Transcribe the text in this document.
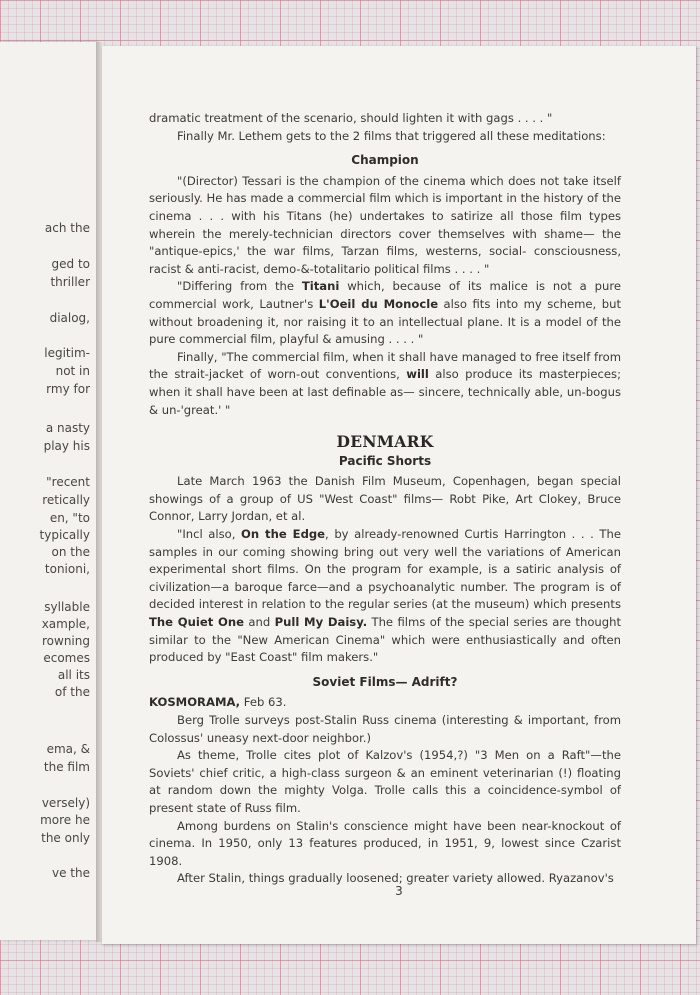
ach the
ged to
thriller
dialog,
legitim-
not in
rmy for
a nasty
play his
"recent
retically
en, "to
typically
on the
tonioni,
syllable
xample,
rowning
ecomes
all its
of the
ema, &
the film
versely)
more he
the only
ve the

dramatic treatment of the scenario, should lighten it with gags . . . . "

Finally Mr. Lethem gets to the 2 films that triggered all these meditations:

Champion

"(Director) Tessari is the champion of the cinema which does not take itself seriously. He has made a commercial film which is important in the history of the cinema . . . with his Titans (he) undertakes to satirize all those film types wherein the merely-technician directors cover themselves with shame— the "antique-epics,' the war films, Tarzan films, westerns, social- consciousness, racist & anti-racist, demo-&-totalitario political films . . . . "

"Differing from the Titani which, because of its malice is not a pure commercial work, Lautner's L'Oeil du Monocle also fits into my scheme, but without broadening it, nor raising it to an intellectual plane. It is a model of the pure commercial film, playful & amusing . . . . "

Finally, "The commercial film, when it shall have managed to free itself from the strait-jacket of worn-out conventions, will also produce its masterpieces; when it shall have been at last definable as— sincere, technically able, un-bogus & un-'great.' "

DENMARK

Pacific Shorts

Late March 1963 the Danish Film Museum, Copenhagen, began special showings of a group of US "West Coast" films— Robt Pike, Art Clokey, Bruce Connor, Larry Jordan, et al.

"Incl also, On the Edge, by already-renowned Curtis Harrington . . . The samples in our coming showing bring out very well the variations of American experimental short films. On the program for example, is a satiric analysis of civilization—a baroque farce—and a psychoanalytic number. The program is of decided interest in relation to the regular series (at the museum) which presents The Quiet One and Pull My Daisy. The films of the special series are thought similar to the "New American Cinema" which were enthusiastically and often produced by "East Coast" film makers."

Soviet Films— Adrift?

KOSMORAMA, Feb 63.

Berg Trolle surveys post-Stalin Russ cinema (interesting & important, from Colossus' uneasy next-door neighbor.)

As theme, Trolle cites plot of Kalzov's (1954,?) "3 Men on a Raft"—the Soviets' chief critic, a high-class surgeon & an eminent veterinarian (!) floating at random down the mighty Volga. Trolle calls this a coincidence-symbol of present state of Russ film.

Among burdens on Stalin's conscience might have been near-knockout of cinema. In 1950, only 13 features produced, in 1951, 9, lowest since Czarist 1908.

After Stalin, things gradually loosened; greater variety allowed. Ryazanov's

3
